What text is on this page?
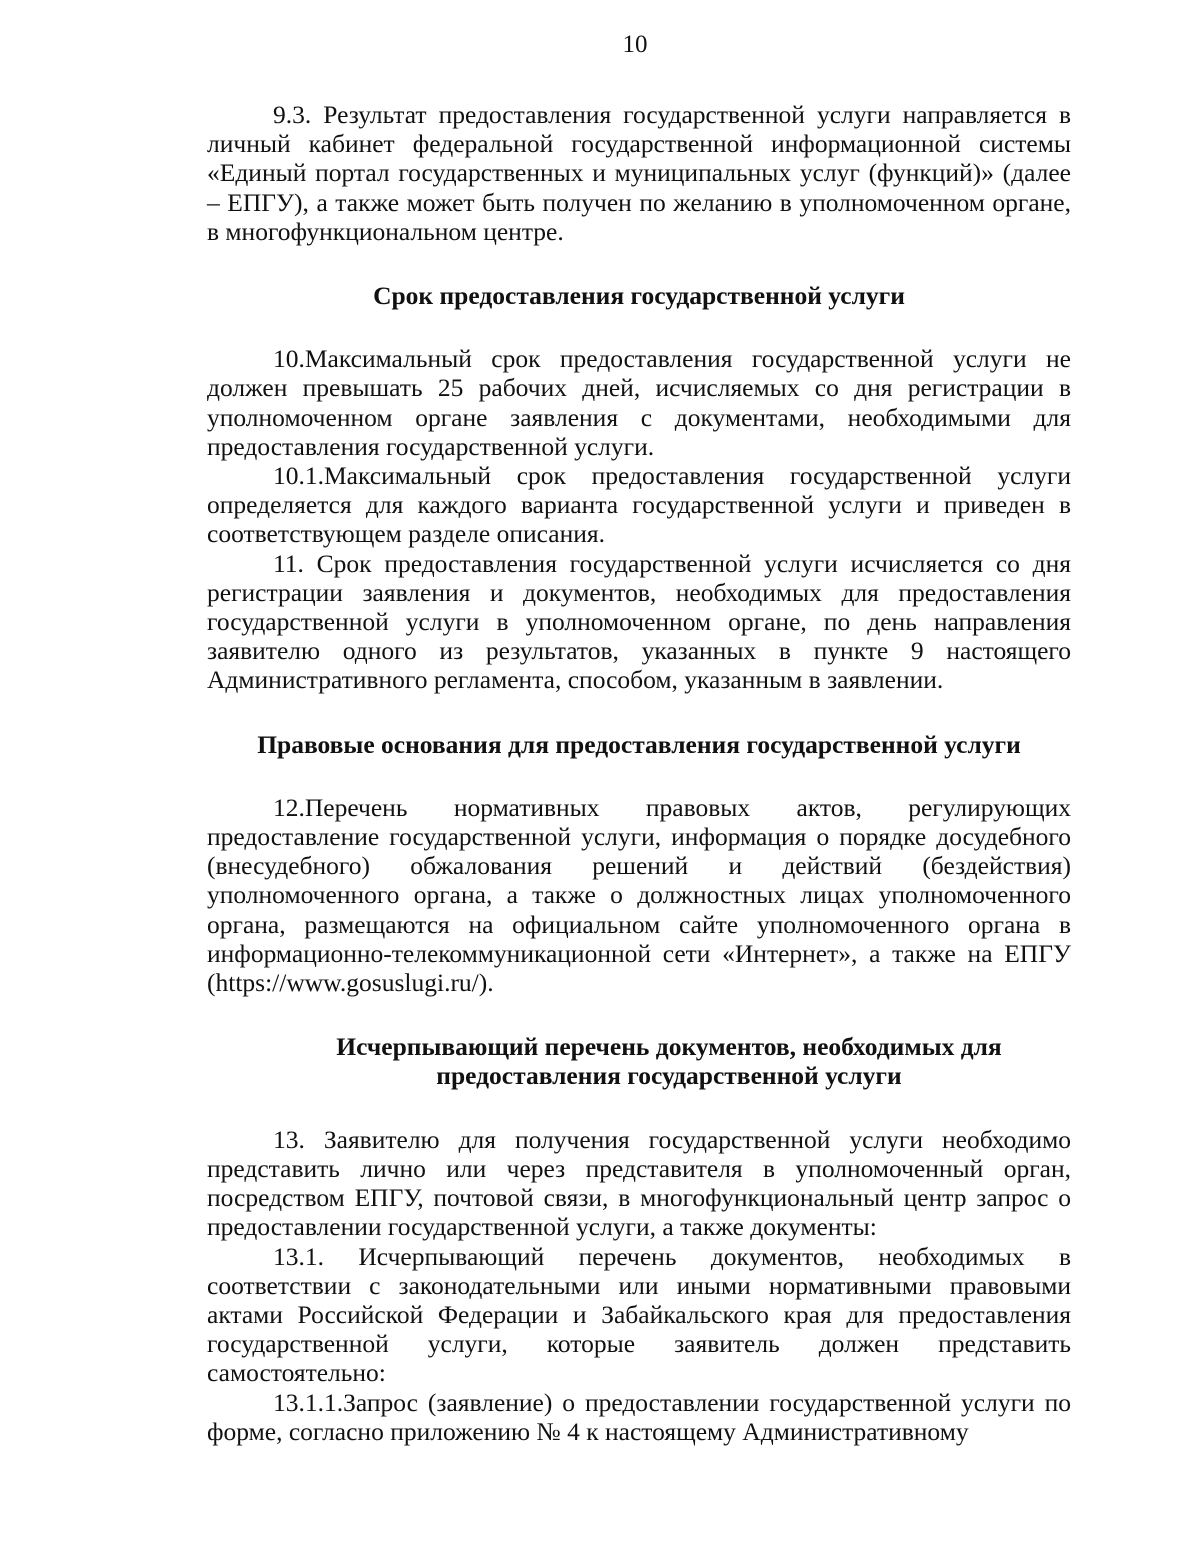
10

9.3. Результат предоставления государственной услуги направляется в личный кабинет федеральной государственной информационной системы «Единый портал государственных и муниципальных услуг (функций)» (далее – ЕПГУ), а также может быть получен по желанию в уполномоченном органе, в многофункциональном центре.

Срок предоставления государственной услуги

10.Максимальный срок предоставления государственной услуги не должен превышать 25 рабочих дней, исчисляемых со дня регистрации в уполномоченном органе заявления с документами, необходимыми для предоставления государственной услуги.

10.1.Максимальный срок предоставления государственной услуги определяется для каждого варианта государственной услуги и приведен в соответствующем разделе описания.

11. Срок предоставления государственной услуги исчисляется со дня регистрации заявления и документов, необходимых для предоставления государственной услуги в уполномоченном органе, по день направления заявителю одного из результатов, указанных в пункте 9 настоящего Административного регламента, способом, указанным в заявлении.

Правовые основания для предоставления государственной услуги

12.Перечень нормативных правовых актов, регулирующих предоставление государственной услуги, информация о порядке досудебного (внесудебного) обжалования решений и действий (бездействия) уполномоченного органа, а также о должностных лицах уполномоченного органа, размещаются на официальном сайте уполномоченного органа в информационно-телекоммуникационной сети «Интернет», а также на ЕПГУ (https://www.gosuslugi.ru/).

Исчерпывающий перечень документов, необходимых для
предоставления государственной услуги

13. Заявителю для получения государственной услуги необходимо представить лично или через представителя в уполномоченный орган, посредством ЕПГУ, почтовой связи, в многофункциональный центр запрос о предоставлении государственной услуги, а также документы:

13.1. Исчерпывающий перечень документов, необходимых в соответствии с законодательными или иными нормативными правовыми актами Российской Федерации и Забайкальского края для предоставления государственной услуги, которые заявитель должен представить самостоятельно:

13.1.1.Запрос (заявление) о предоставлении государственной услуги по форме, согласно приложению № 4 к настоящему Административному
